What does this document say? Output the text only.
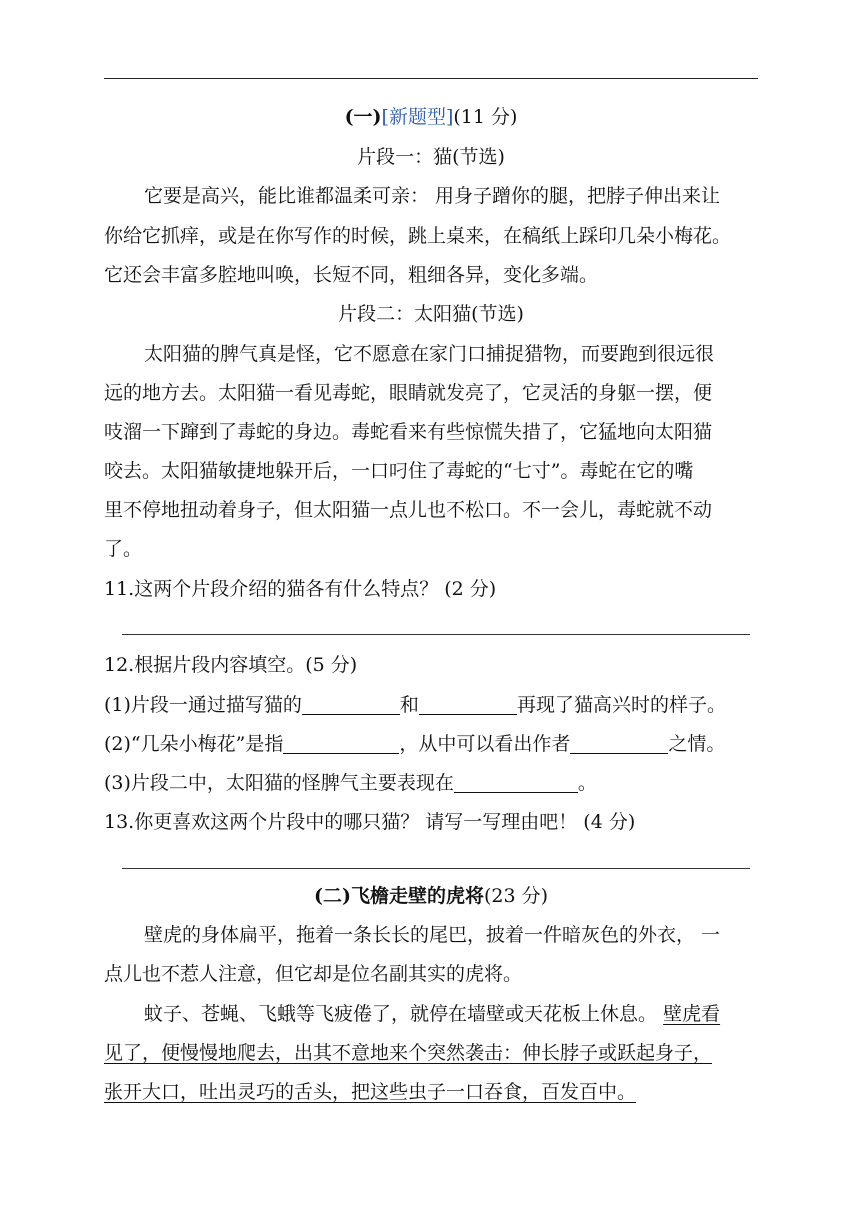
(一)[新题型](11 分)
片段一：猫(节选)
它要是高兴，能比谁都温柔可亲： 用身子蹭你的腿，把脖子伸出来让
你给它抓痒，或是在你写作的时候，跳上桌来，在稿纸上踩印几朵小梅花。
它还会丰富多腔地叫唤，长短不同，粗细各异，变化多端。
片段二：太阳猫(节选)
太阳猫的脾气真是怪，它不愿意在家门口捕捉猎物，而要跑到很远很
远的地方去。太阳猫一看见毒蛇，眼睛就发亮了，它灵活的身躯一摆，便
吱溜一下蹿到了毒蛇的身边。毒蛇看来有些惊慌失措了，它猛地向太阳猫
咬去。太阳猫敏捷地躲开后，一口叼住了毒蛇的“七寸”。毒蛇在它的嘴
里不停地扭动着身子，但太阳猫一点儿也不松口。不一会儿，毒蛇就不动
了。
11.这两个片段介绍的猫各有什么特点？ (2 分)
12.根据片段内容填空。(5 分)
(1)片段一通过描写猫的	和	再现了猫高兴时的样子。
(2)“几朵小梅花”是指	，从中可以看出作者	之情。
(3)片段二中，太阳猫的怪脾气主要表现在	。
13.你更喜欢这两个片段中的哪只猫？ 请写一写理由吧！ (4 分)
(二)飞檐走壁的虎将(23 分)
壁虎的身体扁平，拖着一条长长的尾巴，披着一件暗灰色的外衣， 一
点儿也不惹人注意，但它却是位名副其实的虎将。
蚊子、苍蝇、飞蛾等飞疲倦了，就停在墙壁或天花板上休息。 壁虎看
见了，便慢慢地爬去，出其不意地来个突然袭击：伸长脖子或跃起身子，
张开大口，吐出灵巧的舌头，把这些虫子一口吞食，百发百中。
